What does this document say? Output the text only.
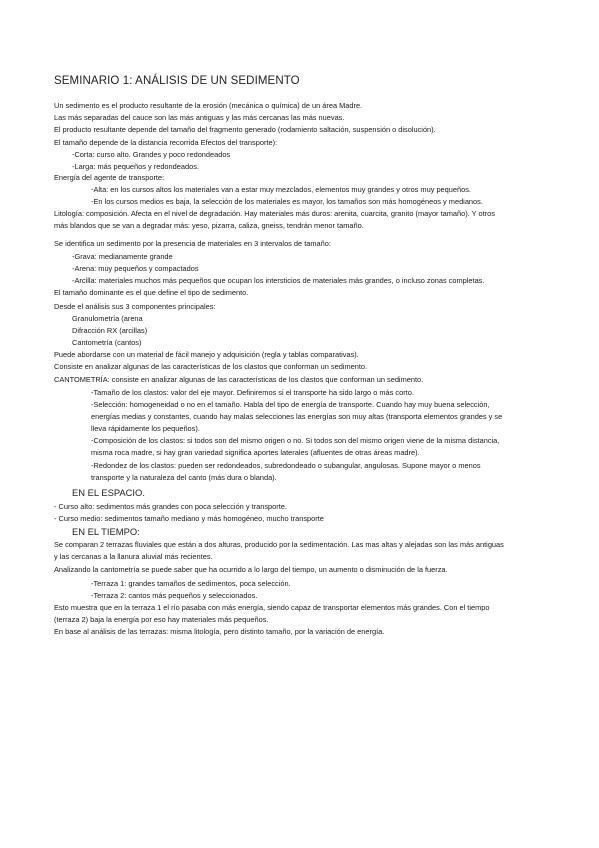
SEMINARIO 1: ANÁLISIS DE UN SEDIMENTO
Un sedimento es el producto resultante de la erosión (mecánica o química) de un área Madre.
Las más separadas del cauce son las más antiguas y las más cercanas las más nuevas.
El producto resultante depende del tamaño del fragmento generado (rodamiento saltación, suspensión o disolución).
El tamaño depende de la distancia recorrida Efectos del transporte):
-Corta: curso alto. Grandes y poco redondeados
-Larga: más pequeños y redondeados.
Energía del agente de transporte:
-Alta: en los cursos altos los materiales van a estar muy mezclados, elementos muy grandes y otros muy pequeños.
-En los cursos medios es baja, la selección de los materiales es mayor, los tamaños son más homogéneos y medianos.
Litología: composición. Afecta en el nivel de degradación. Hay materiales más duros: arenita, cuarcita, granito (mayor tamaño). Y otros
más blandos que se van a degradar más: yeso, pizarra, caliza, gneiss, tendrán menor tamaño.
Se identifica un sedimento por la presencia de materiales en 3 intervalos de tamaño:
-Grava: medianamente grande
-Arena: muy pequeños y compactados
-Arcilla: materiales muchos más pequeños que ocupan los intersticios de materiales más grandes, o incluso zonas completas.
El tamaño dominante es el que define el tipo de sedimento.
Desde el análisis sus 3 componentes principales:
Granulometría (arena
Difracción RX (arcillas)
Cantometría (cantos)
Puede abordarse con un material de fácil manejo y adquisición (regla y tablas comparativas).
Consiste en analizar algunas de las características de los clastos que conforman un sedimento.
CANTOMETRÍA: consiste en analizar algunas de las características de los clastos que conforman un sedimento.
-Tamaño de los clastos: valor del eje mayor. Definiremos si el transporte ha sido largo o más corto.
-Selección: homogeneidad o no en el tamaño. Habla del tipo de energía de transporte. Cuando hay muy buena selección,
energías medias y constantes, cuando hay malas selecciones las energías son muy altas (transporta elementos grandes y se
lleva rápidamente los pequeños).
-Composición de los clastos: si todos son del mismo origen o no. Si todos son del mismo origen viene de la misma distancia,
misma roca madre, si hay gran variedad significa aportes laterales (afluentes de otras áreas madre).
-Redondez de los clastos: pueden ser redondeados, subredondeado o subangular, angulosas. Supone mayor o menos
transporte y la naturaleza del canto (más dura o blanda).
EN EL ESPACIO.
- Curso alto: sedimentos más grandes con poca selección y transporte.
- Curso medio: sedimentos tamaño mediano y más homogéneo, mucho transporte
EN EL TIEMPO:
Se comparan 2 terrazas fluviales que están a dos alturas, producido por la sedimentación. Las mas altas y alejadas son las más antiguas
y las cercanas a la llanura aluvial más recientes.
Analizando la cantometría se puede saber que ha ocurrido a lo largo del tiempo, un aumento o disminución de la fuerza.
-Terraza 1: grandes tamaños de sedimentos, poca selección.
-Terraza 2: cantos más pequeños y seleccionados.
Esto muestra que en la terraza 1 el río pasaba con más energía, siendo capaz de transportar elementos más grandes. Con el tiempo
(terraza 2) baja la energía por eso hay materiales más pequeños.
En base al análisis de las terrazas: misma litología, pero distinto tamaño, por la variación de energía.
